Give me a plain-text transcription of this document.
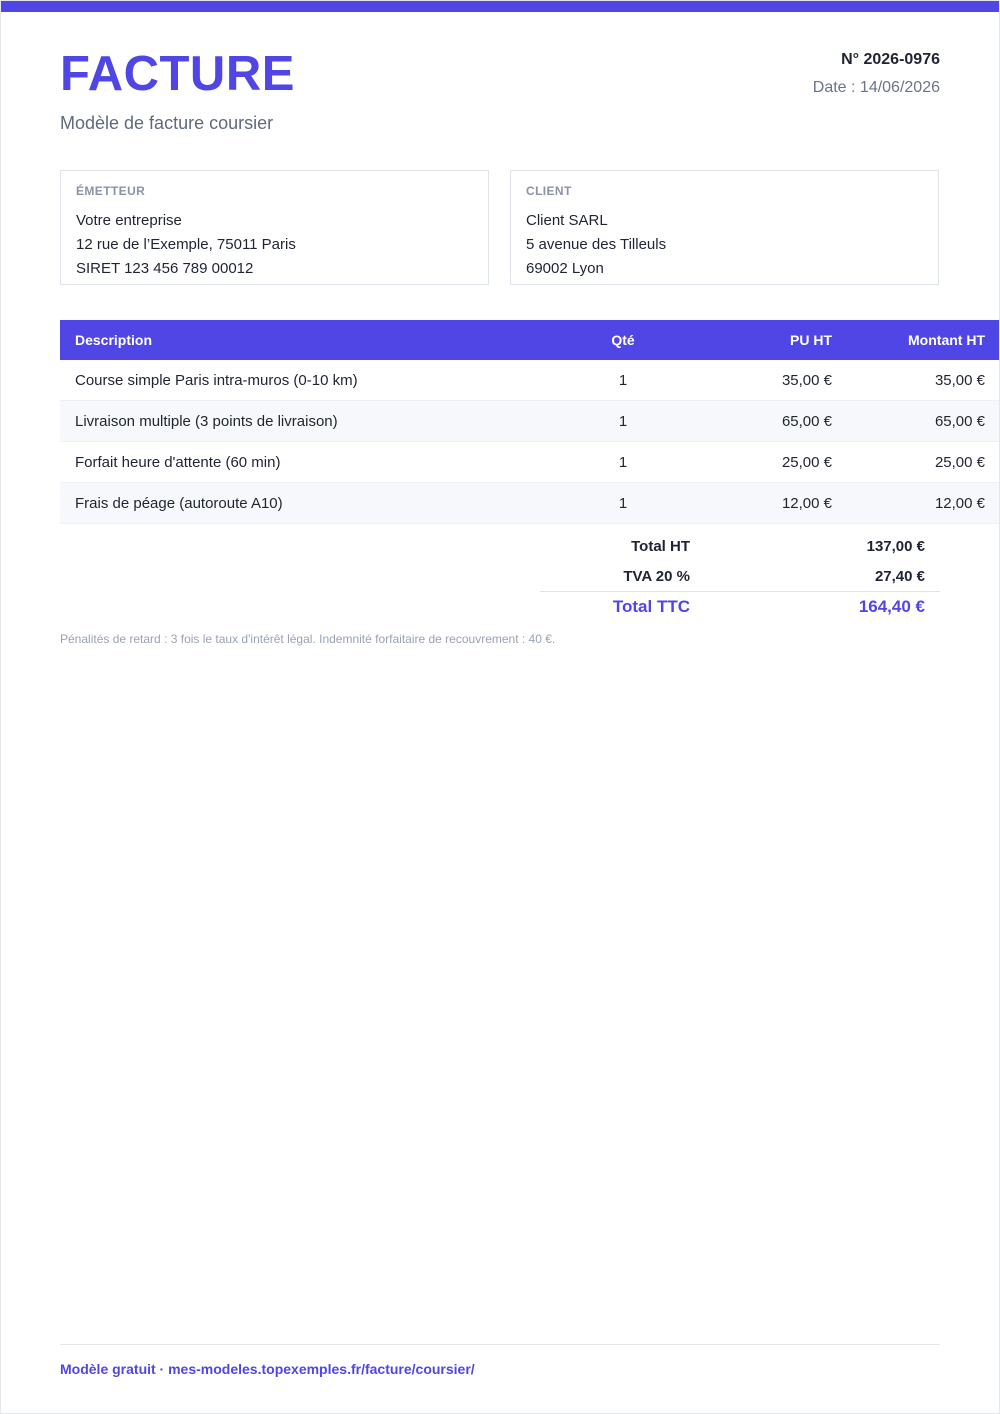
FACTURE
Modèle de facture coursier
N° 2026-0976
Date : 14/06/2026
ÉMETTEUR
Votre entreprise
12 rue de l’Exemple, 75011 Paris
SIRET 123 456 789 00012
CLIENT
Client SARL
5 avenue des Tilleuls
69002 Lyon
Description	Qté	PU HT	Montant HT
Course simple Paris intra-muros (0-10 km)	1	35,00 €	35,00 €
Livraison multiple (3 points de livraison)	1	65,00 €	65,00 €
Forfait heure d'attente (60 min)	1	25,00 €	25,00 €
Frais de péage (autoroute A10)	1	12,00 €	12,00 €
Total HT	137,00 €
TVA 20 %	27,40 €
Total TTC	164,40 €
Pénalités de retard : 3 fois le taux d'intérêt légal. Indemnité forfaitaire de recouvrement : 40 €.
Modèle gratuit · mes-modeles.topexemples.fr/facture/coursier/
